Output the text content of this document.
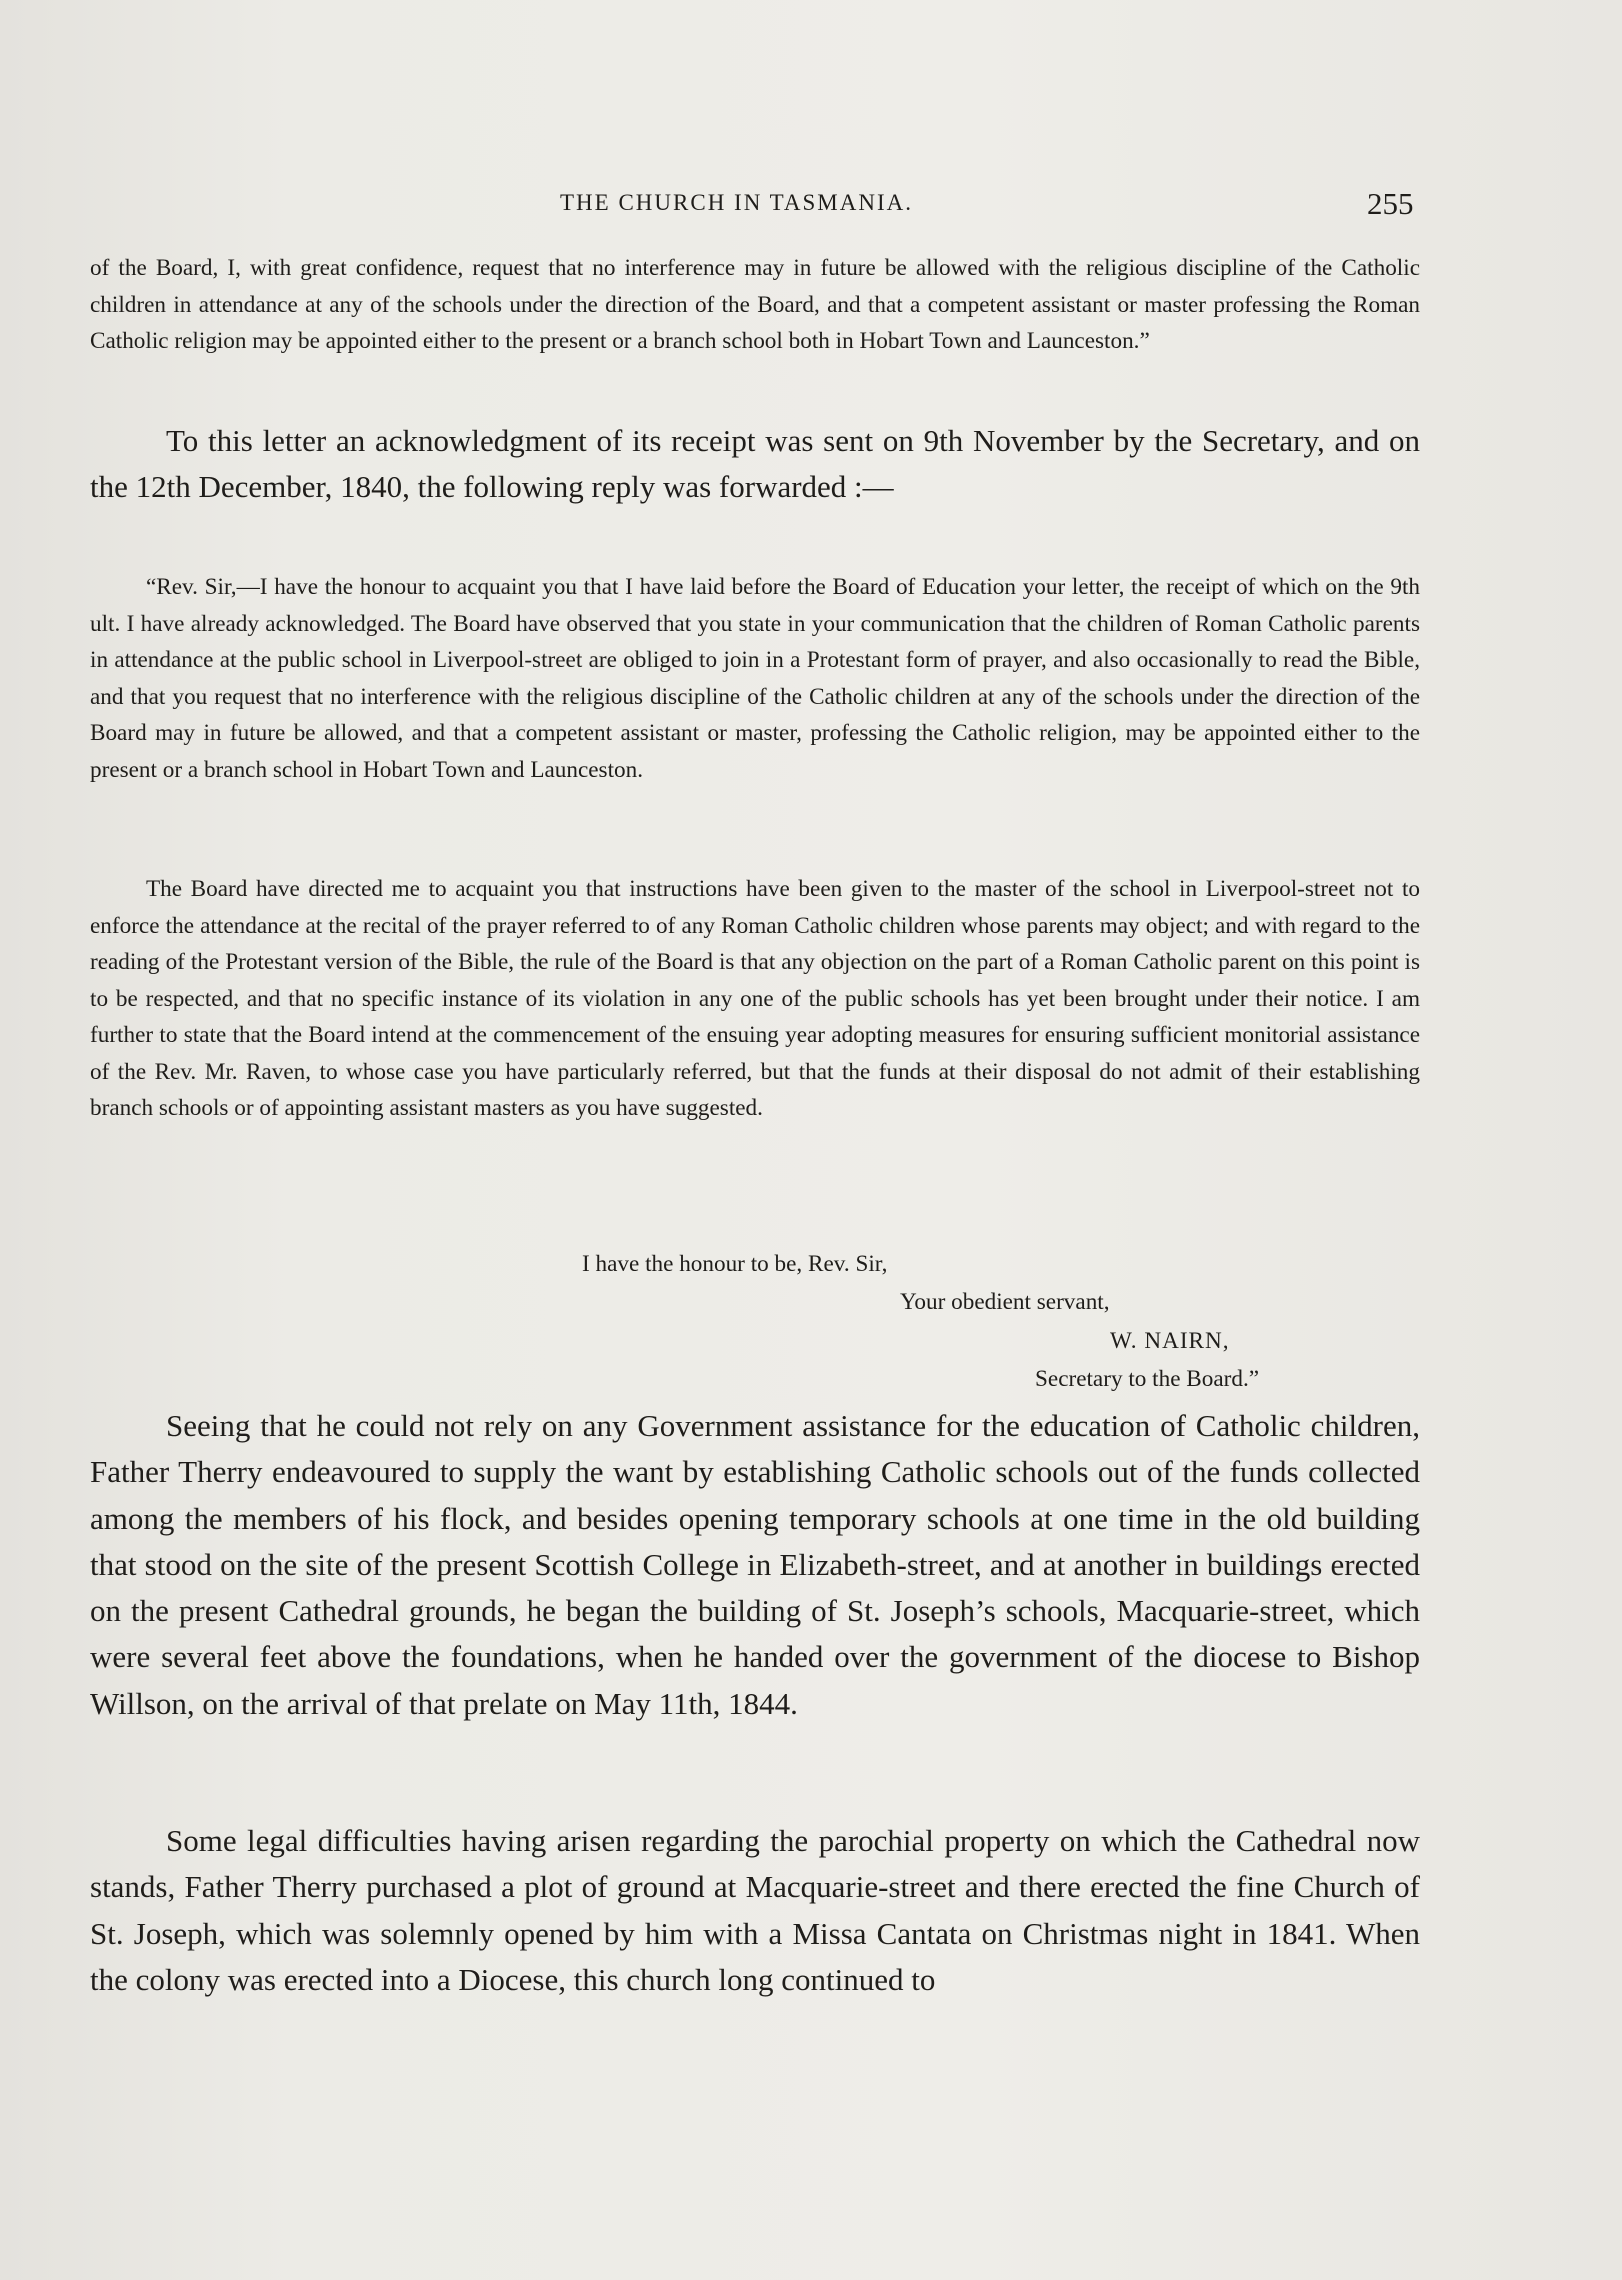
THE CHURCH IN TASMANIA.	255

of the Board, I, with great confidence, request that no interference may in future be allowed with the religious discipline of the Catholic children in attendance at any of the schools under the direction of the Board, and that a competent assistant or master professing the Roman Catholic religion may be appointed either to the present or a branch school both in Hobart Town and Launceston.”

To this letter an acknowledgment of its receipt was sent on 9th November by the Secretary, and on the 12th December, 1840, the following reply was forwarded :—

“Rev. Sir,—I have the honour to acquaint you that I have laid before the Board of Education your letter, the receipt of which on the 9th ult. I have already acknowledged. The Board have observed that you state in your communication that the children of Roman Catholic parents in attendance at the public school in Liverpool-street are obliged to join in a Protestant form of prayer, and also occasionally to read the Bible, and that you request that no interference with the religious discipline of the Catholic children at any of the schools under the direction of the Board may in future be allowed, and that a competent assistant or master, professing the Catholic religion, may be appointed either to the present or a branch school in Hobart Town and Launceston.

The Board have directed me to acquaint you that instructions have been given to the master of the school in Liverpool-street not to enforce the attendance at the recital of the prayer referred to of any Roman Catholic children whose parents may object; and with regard to the reading of the Protestant version of the Bible, the rule of the Board is that any objection on the part of a Roman Catholic parent on this point is to be respected, and that no specific instance of its violation in any one of the public schools has yet been brought under their notice. I am further to state that the Board intend at the commencement of the ensuing year adopting measures for ensuring sufficient monitorial assistance of the Rev. Mr. Raven, to whose case you have particularly referred, but that the funds at their disposal do not admit of their establishing branch schools or of appointing assistant masters as you have suggested.

I have the honour to be, Rev. Sir,
Your obedient servant,
W. NAIRN,
Secretary to the Board.”

Seeing that he could not rely on any Government assistance for the education of Catholic children, Father Therry endeavoured to supply the want by establishing Catholic schools out of the funds collected among the members of his flock, and besides opening temporary schools at one time in the old building that stood on the site of the present Scottish College in Elizabeth-street, and at another in buildings erected on the present Cathedral grounds, he began the building of St. Joseph’s schools, Macquarie-street, which were several feet above the foundations, when he handed over the government of the diocese to Bishop Willson, on the arrival of that prelate on May 11th, 1844.

Some legal difficulties having arisen regarding the parochial property on which the Cathedral now stands, Father Therry purchased a plot of ground at Macquarie-street and there erected the fine Church of St. Joseph, which was solemnly opened by him with a Missa Cantata on Christmas night in 1841. When the colony was erected into a Diocese, this church long continued to
